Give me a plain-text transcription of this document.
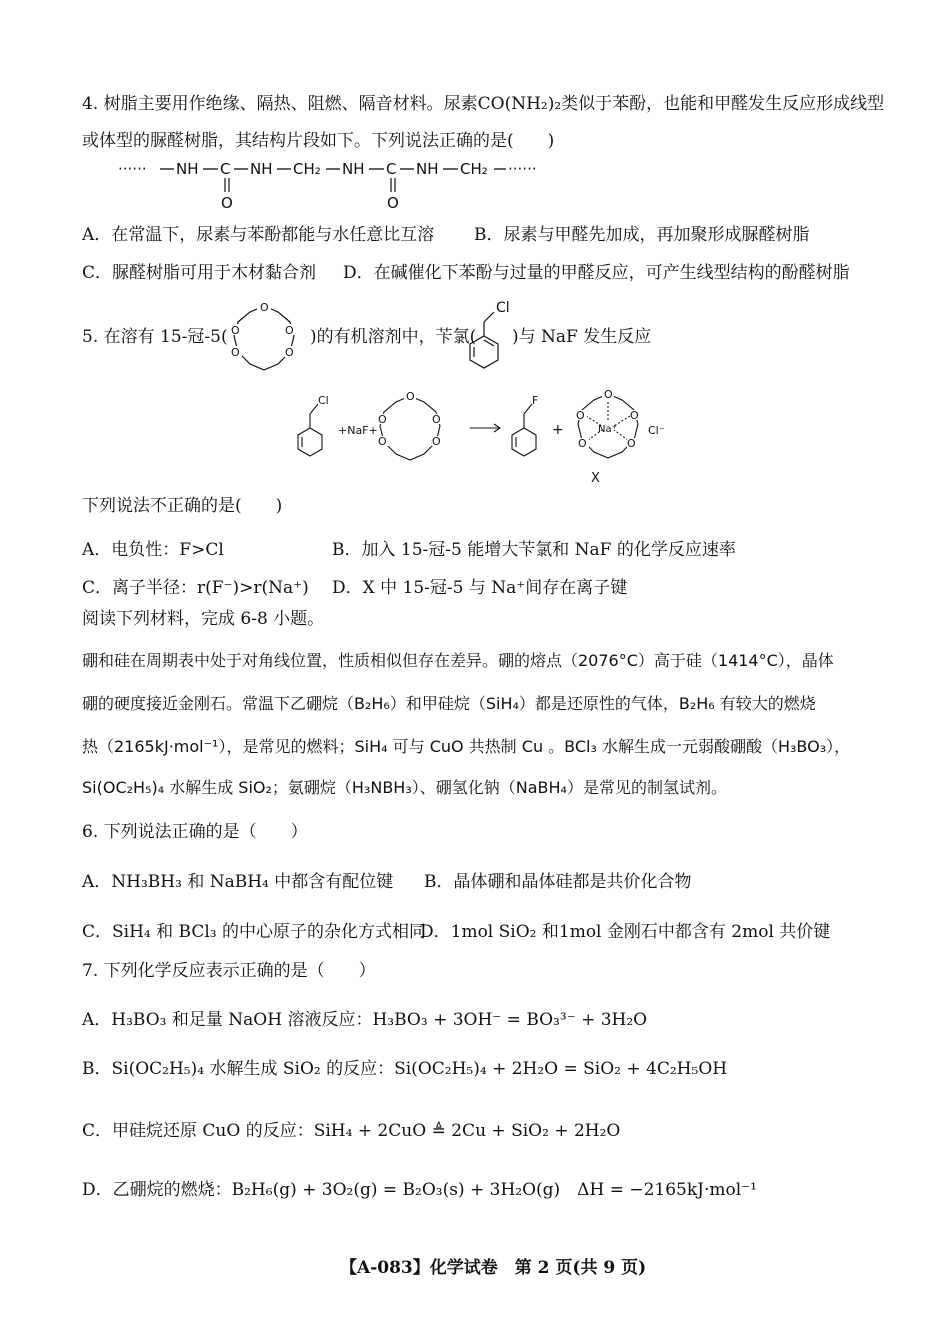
4. 树脂主要用作绝缘、隔热、阻燃、隔音材料。尿素CO(NH₂)₂类似于苯酚，也能和甲醛发生反应形成线型
或体型的脲醛树脂，其结构片段如下。下列说法正确的是(　　)
······ NH C
O
NH CH₂ NH C
O
NH CH₂ ······
A．在常温下，尿素与苯酚都能与水任意比互溶 B．尿素与甲醛先加成，再加聚形成脲醛树脂
C．脲醛树脂可用于木材黏合剂 D．在碱催化下苯酚与过量的甲醛反应，可产生线型结构的酚醛树脂
5. 在溶有 15-冠-5(
O
O
O
O
O
)的有机溶剂中，苄氯(
Cl
)与 NaF 发生反应
Cl
+NaF+
O
O
O
O
O
F
+
O
O	O
O	O
Na⁺	Cl⁻
X
下列说法不正确的是(　　)
A．电负性：F>Cl	B．加入 15-冠-5 能增大苄氯和 NaF 的化学反应速率
C．离子半径：r(F⁻)>r(Na⁺) D．X 中 15-冠-5 与 Na⁺间存在离子键
阅读下列材料，完成 6-8 小题。
硼和硅在周期表中处于对角线位置，性质相似但存在差异。硼的熔点（2076°C）高于硅（1414°C），晶体
硼的硬度接近金刚石。常温下乙硼烷（B₂H₆）和甲硅烷（SiH₄）都是还原性的气体，B₂H₆ 有较大的燃烧
热（2165kJ·mol⁻¹），是常见的燃料；SiH₄ 可与 CuO 共热制 Cu 。BCl₃ 水解生成一元弱酸硼酸（H₃BO₃），
Si(OC₂H₅)₄ 水解生成 SiO₂；氨硼烷（H₃NBH₃）、硼氢化钠（NaBH₄）是常见的制氢试剂。
6. 下列说法正确的是（　　）
A．NH₃BH₃ 和 NaBH₄ 中都含有配位键 B．晶体硼和晶体硅都是共价化合物
C．SiH₄ 和 BCl₃ 的中心原子的杂化方式相同
D．1mol SiO₂ 和1mol 金刚石中都含有 2mol 共价键
7. 下列化学反应表示正确的是（　　）
A．H₃BO₃ 和足量 NaOH 溶液反应：H₃BO₃ + 3OH⁻ = BO₃³⁻ + 3H₂O
B．Si(OC₂H₅)₄ 水解生成 SiO₂ 的反应：Si(OC₂H₅)₄ + 2H₂O = SiO₂ + 4C₂H₅OH
C．甲硅烷还原 CuO 的反应：SiH₄ + 2CuO ≜ 2Cu + SiO₂ + 2H₂O
D．乙硼烷的燃烧：B₂H₆(g) + 3O₂(g) = B₂O₃(s) + 3H₂O(g)　ΔH = −2165kJ·mol⁻¹
【A-083】化学试卷　第 2 页(共 9 页)
